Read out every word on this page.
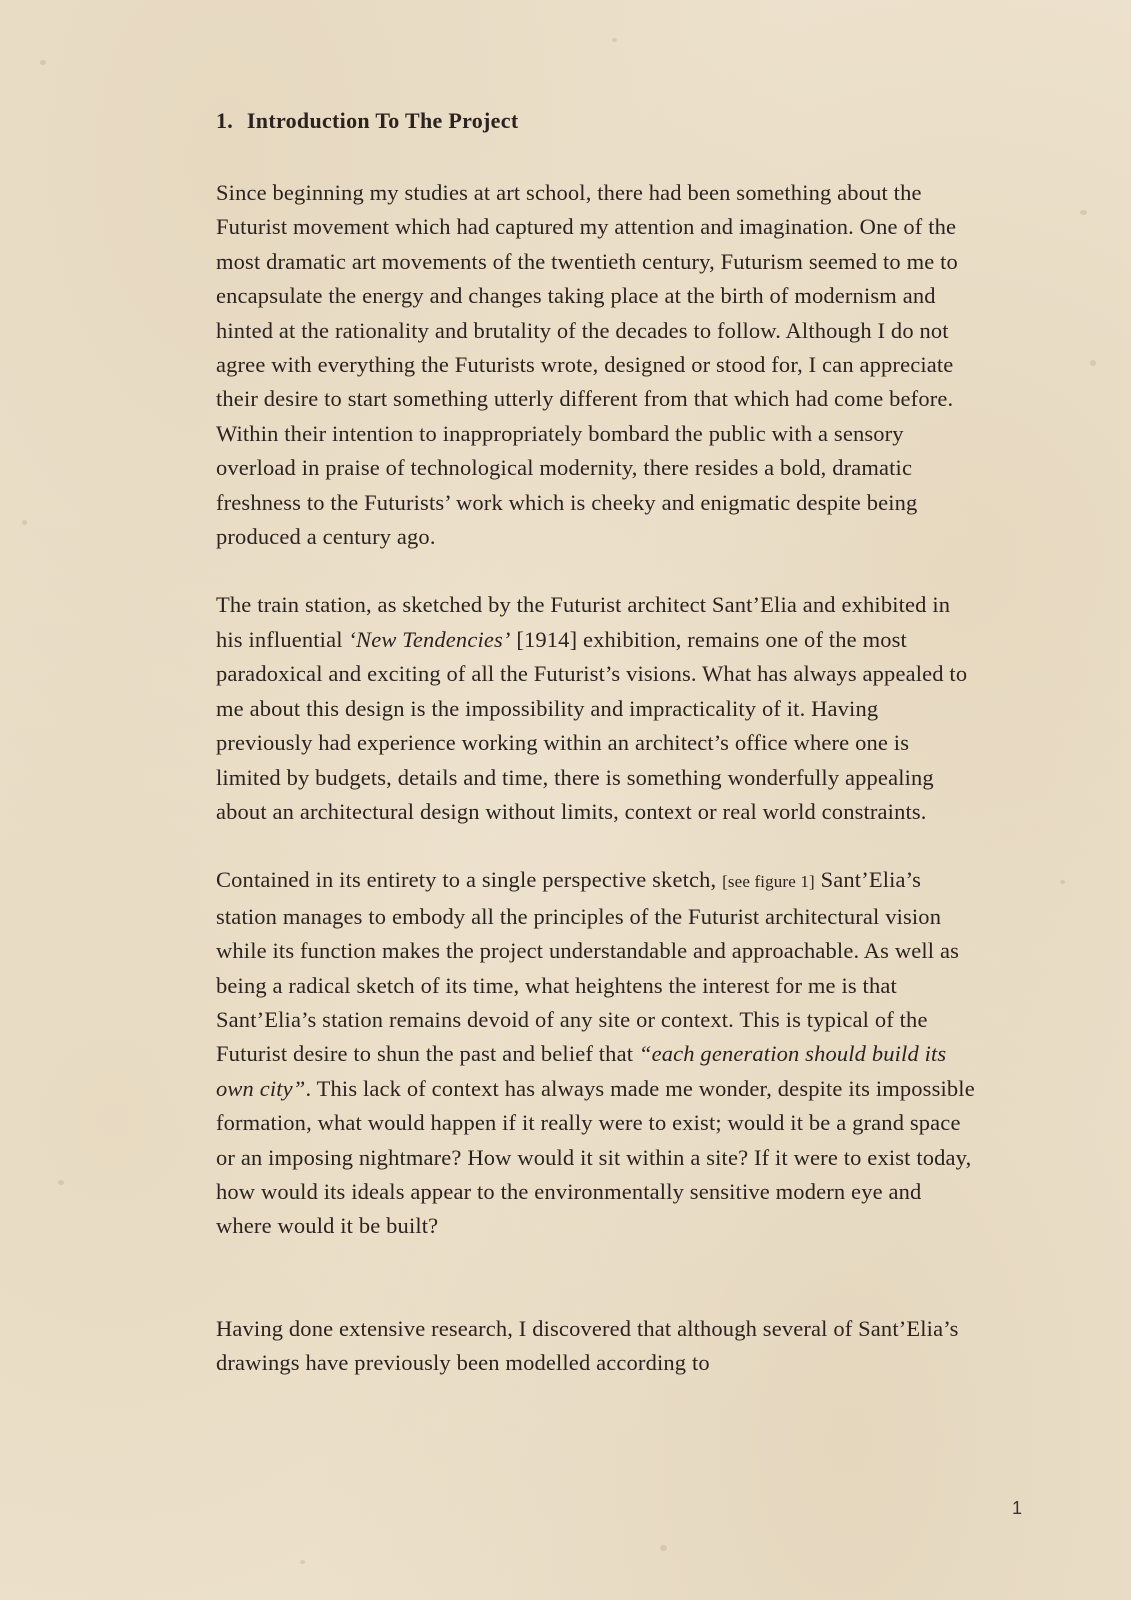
1. Introduction To The Project

Since beginning my studies at art school, there had been something about the Futurist movement which had captured my attention and imagination. One of the most dramatic art movements of the twentieth century, Futurism seemed to me to encapsulate the energy and changes taking place at the birth of modernism and hinted at the rationality and brutality of the decades to follow. Although I do not agree with everything the Futurists wrote, designed or stood for, I can appreciate their desire to start something utterly different from that which had come before. Within their intention to inappropriately bombard the public with a sensory overload in praise of technological modernity, there resides a bold, dramatic freshness to the Futurists’ work which is cheeky and enigmatic despite being produced a century ago.

The train station, as sketched by the Futurist architect Sant’Elia and exhibited in his influential ‘New Tendencies’ [1914] exhibition, remains one of the most paradoxical and exciting of all the Futurist’s visions. What has always appealed to me about this design is the impossibility and impracticality of it. Having previously had experience working within an architect’s office where one is limited by budgets, details and time, there is something wonderfully appealing about an architectural design without limits, context or real world constraints.

Contained in its entirety to a single perspective sketch, [see figure 1] Sant’Elia’s station manages to embody all the principles of the Futurist architectural vision while its function makes the project understandable and approachable. As well as being a radical sketch of its time, what heightens the interest for me is that Sant’Elia’s station remains devoid of any site or context. This is typical of the Futurist desire to shun the past and belief that “each generation should build its own city”. This lack of context has always made me wonder, despite its impossible formation, what would happen if it really were to exist; would it be a grand space or an imposing nightmare? How would it sit within a site? If it were to exist today, how would its ideals appear to the environmentally sensitive modern eye and where would it be built?

Having done extensive research, I discovered that although several of Sant’Elia’s drawings have previously been modelled according to

1
